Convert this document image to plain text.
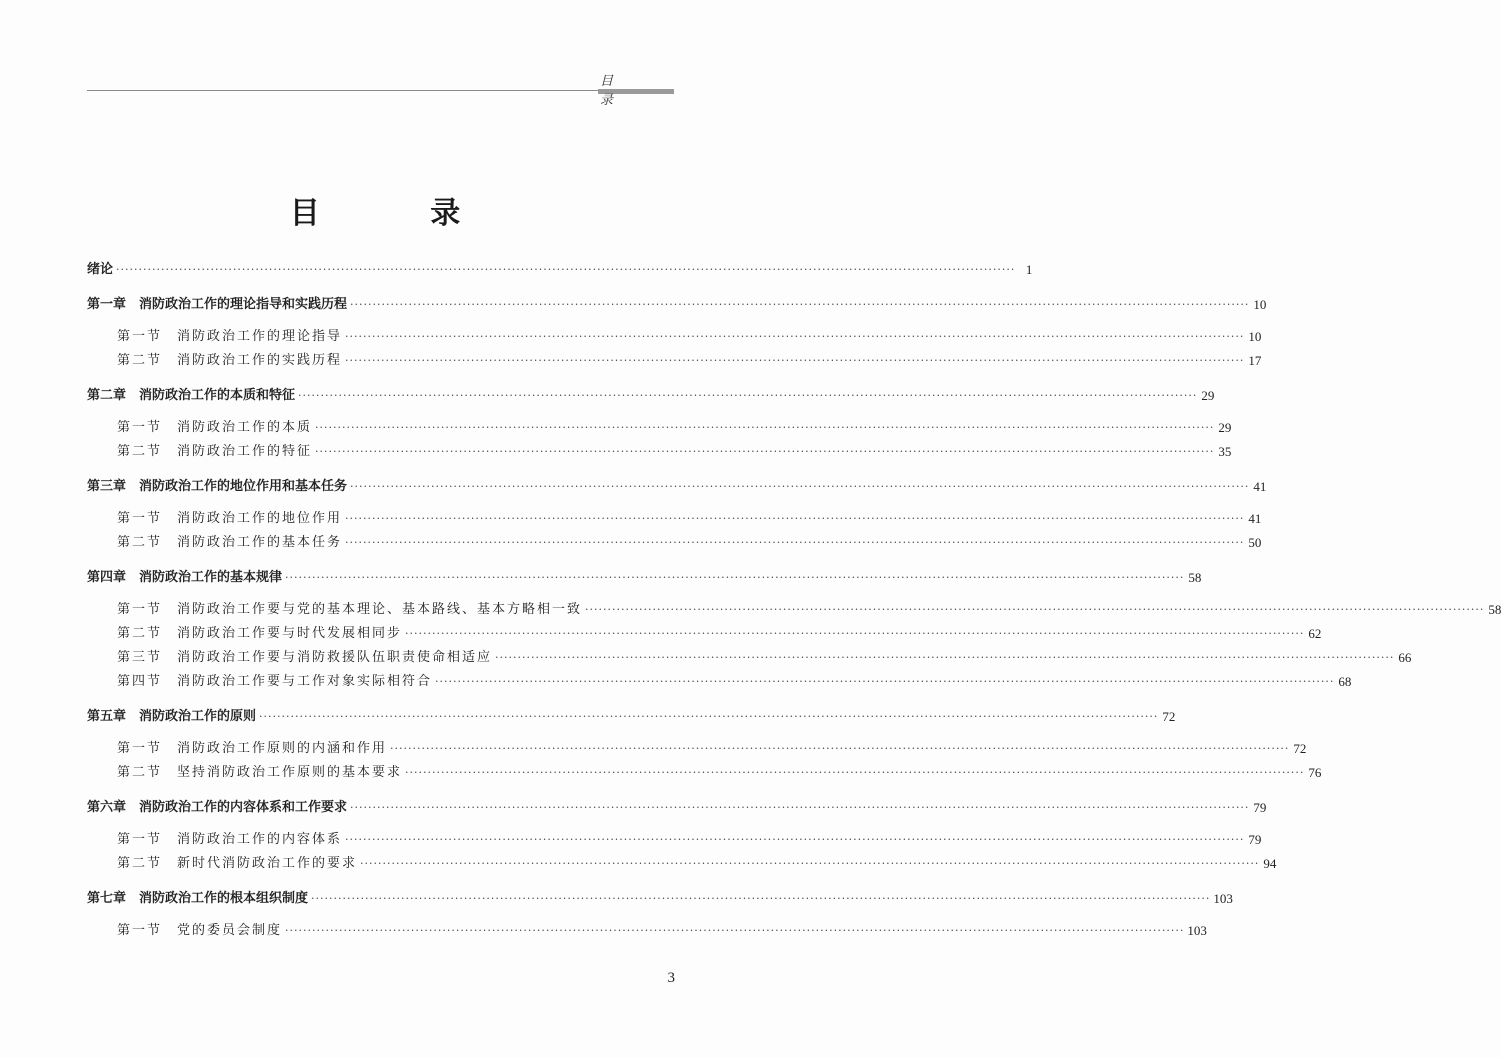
目 录
目 录
绪论 ········································································································································································································ 1
第一章　消防政治工作的理论指导和实践历程 ········································································································································································································ 10
第一节　消防政治工作的理论指导 ········································································································································································································ 10
第二节　消防政治工作的实践历程 ········································································································································································································ 17
第二章　消防政治工作的本质和特征 ········································································································································································································ 29
第一节　消防政治工作的本质 ········································································································································································································ 29
第二节　消防政治工作的特征 ········································································································································································································ 35
第三章　消防政治工作的地位作用和基本任务 ········································································································································································································ 41
第一节　消防政治工作的地位作用 ········································································································································································································ 41
第二节　消防政治工作的基本任务 ········································································································································································································ 50
第四章　消防政治工作的基本规律 ········································································································································································································ 58
第一节　消防政治工作要与党的基本理论、基本路线、基本方略相一致 ········································································································································································································ 58
第二节　消防政治工作要与时代发展相同步 ········································································································································································································ 62
第三节　消防政治工作要与消防救援队伍职责使命相适应 ········································································································································································································ 66
第四节　消防政治工作要与工作对象实际相符合 ········································································································································································································ 68
第五章　消防政治工作的原则 ········································································································································································································ 72
第一节　消防政治工作原则的内涵和作用 ········································································································································································································ 72
第二节　坚持消防政治工作原则的基本要求 ········································································································································································································ 76
第六章　消防政治工作的内容体系和工作要求 ········································································································································································································ 79
第一节　消防政治工作的内容体系 ········································································································································································································ 79
第二节　新时代消防政治工作的要求 ········································································································································································································ 94
第七章　消防政治工作的根本组织制度 ········································································································································································································ 103
第一节　党的委员会制度 ········································································································································································································ 103
3
